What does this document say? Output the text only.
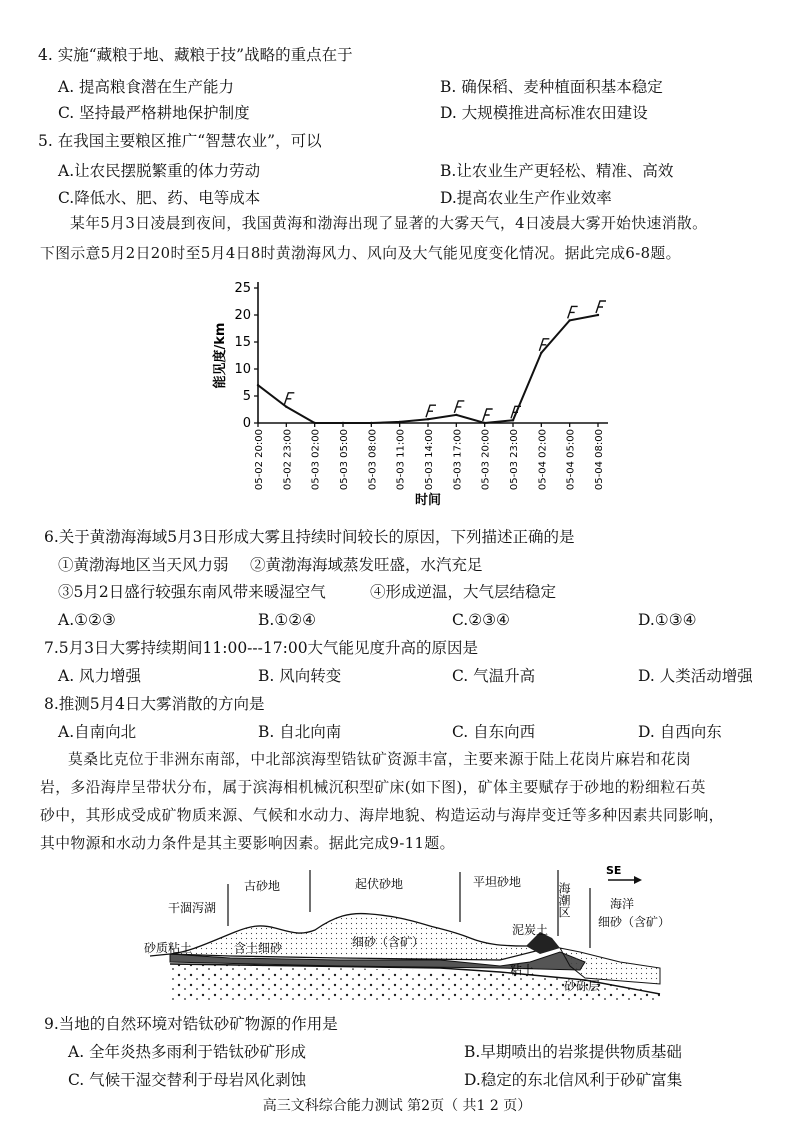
4. 实施“藏粮于地、藏粮于技”战略的重点在于
A. 提高粮食潜在生产能力	B. 确保稻、麦种植面积基本稳定
C. 坚持最严格耕地保护制度	D. 大规模推进高标准农田建设
5. 在我国主要粮区推广“智慧农业”，可以
A.让农民摆脱繁重的体力劳动	B.让农业生产更轻松、精准、高效
C.降低水、肥、药、电等成本	D.提高农业生产作业效率
某年5月3日凌晨到夜间，我国黄海和渤海出现了显著的大雾天气，4日凌晨大雾开始快速消散。
下图示意5月2日20时至5月4日8时黄渤海风力、风向及大气能见度变化情况。据此完成6-8题。
0
5
10
15
20
25
05-02 20:00 05-02 23:00 05-03 02:00 05-03 05:00 05-03 08:00 05-03 11:00 05-03 14:00 05-03 17:00 05-03 20:00 05-03 23:00 05-04 02:00 05-04 05:00 05-04 08:00
能见度/km
时间
6.关于黄渤海海域5月3日形成大雾且持续时间较长的原因，下列描述正确的是
①黄渤海地区当天风力弱 ②黄渤海海域蒸发旺盛，水汽充足
③5月2日盛行较强东南风带来暖湿空气	④形成逆温，大气层结稳定
A.①②③	B.①②④	C.②③④	D.①③④
7.5月3日大雾持续期间11:00---17:00大气能见度升高的原因是
A. 风力增强	B. 风向转变	C. 气温升高	D. 人类活动增强
8.推测5月4日大雾消散的方向是
A.自南向北	B. 自北向南	C. 自东向西	D. 自西向东
莫桑比克位于非洲东南部，中北部滨海型锆钛矿资源丰富，主要来源于陆上花岗片麻岩和花岗
岩，多沿海岸呈带状分布，属于滨海相机械沉积型矿床(如下图)，矿体主要赋存于砂地的粉细粒石英
砂中，其形成受成矿物质来源、气候和水动力、海岸地貌、构造运动与海岸变迁等多种因素共同影响，
其中物源和水动力条件是其主要影响因素。据此完成9-11题。
SE
干涸泻湖
古砂地	起伏砂地	平坦砂地	海潮区	海洋
细砂（含矿）
砂质粘土	含土细砂	细砂（含矿）
泥炭土
粘土
砂砾层
9.当地的自然环境对锆钛砂矿物源的作用是
A. 全年炎热多雨利于锆钛砂矿形成	B.早期喷出的岩浆提供物质基础
C. 气候干湿交替利于母岩风化剥蚀	D.稳定的东北信风利于砂矿富集
高三文科综合能力测试 第2页（ 共1 2 页）
